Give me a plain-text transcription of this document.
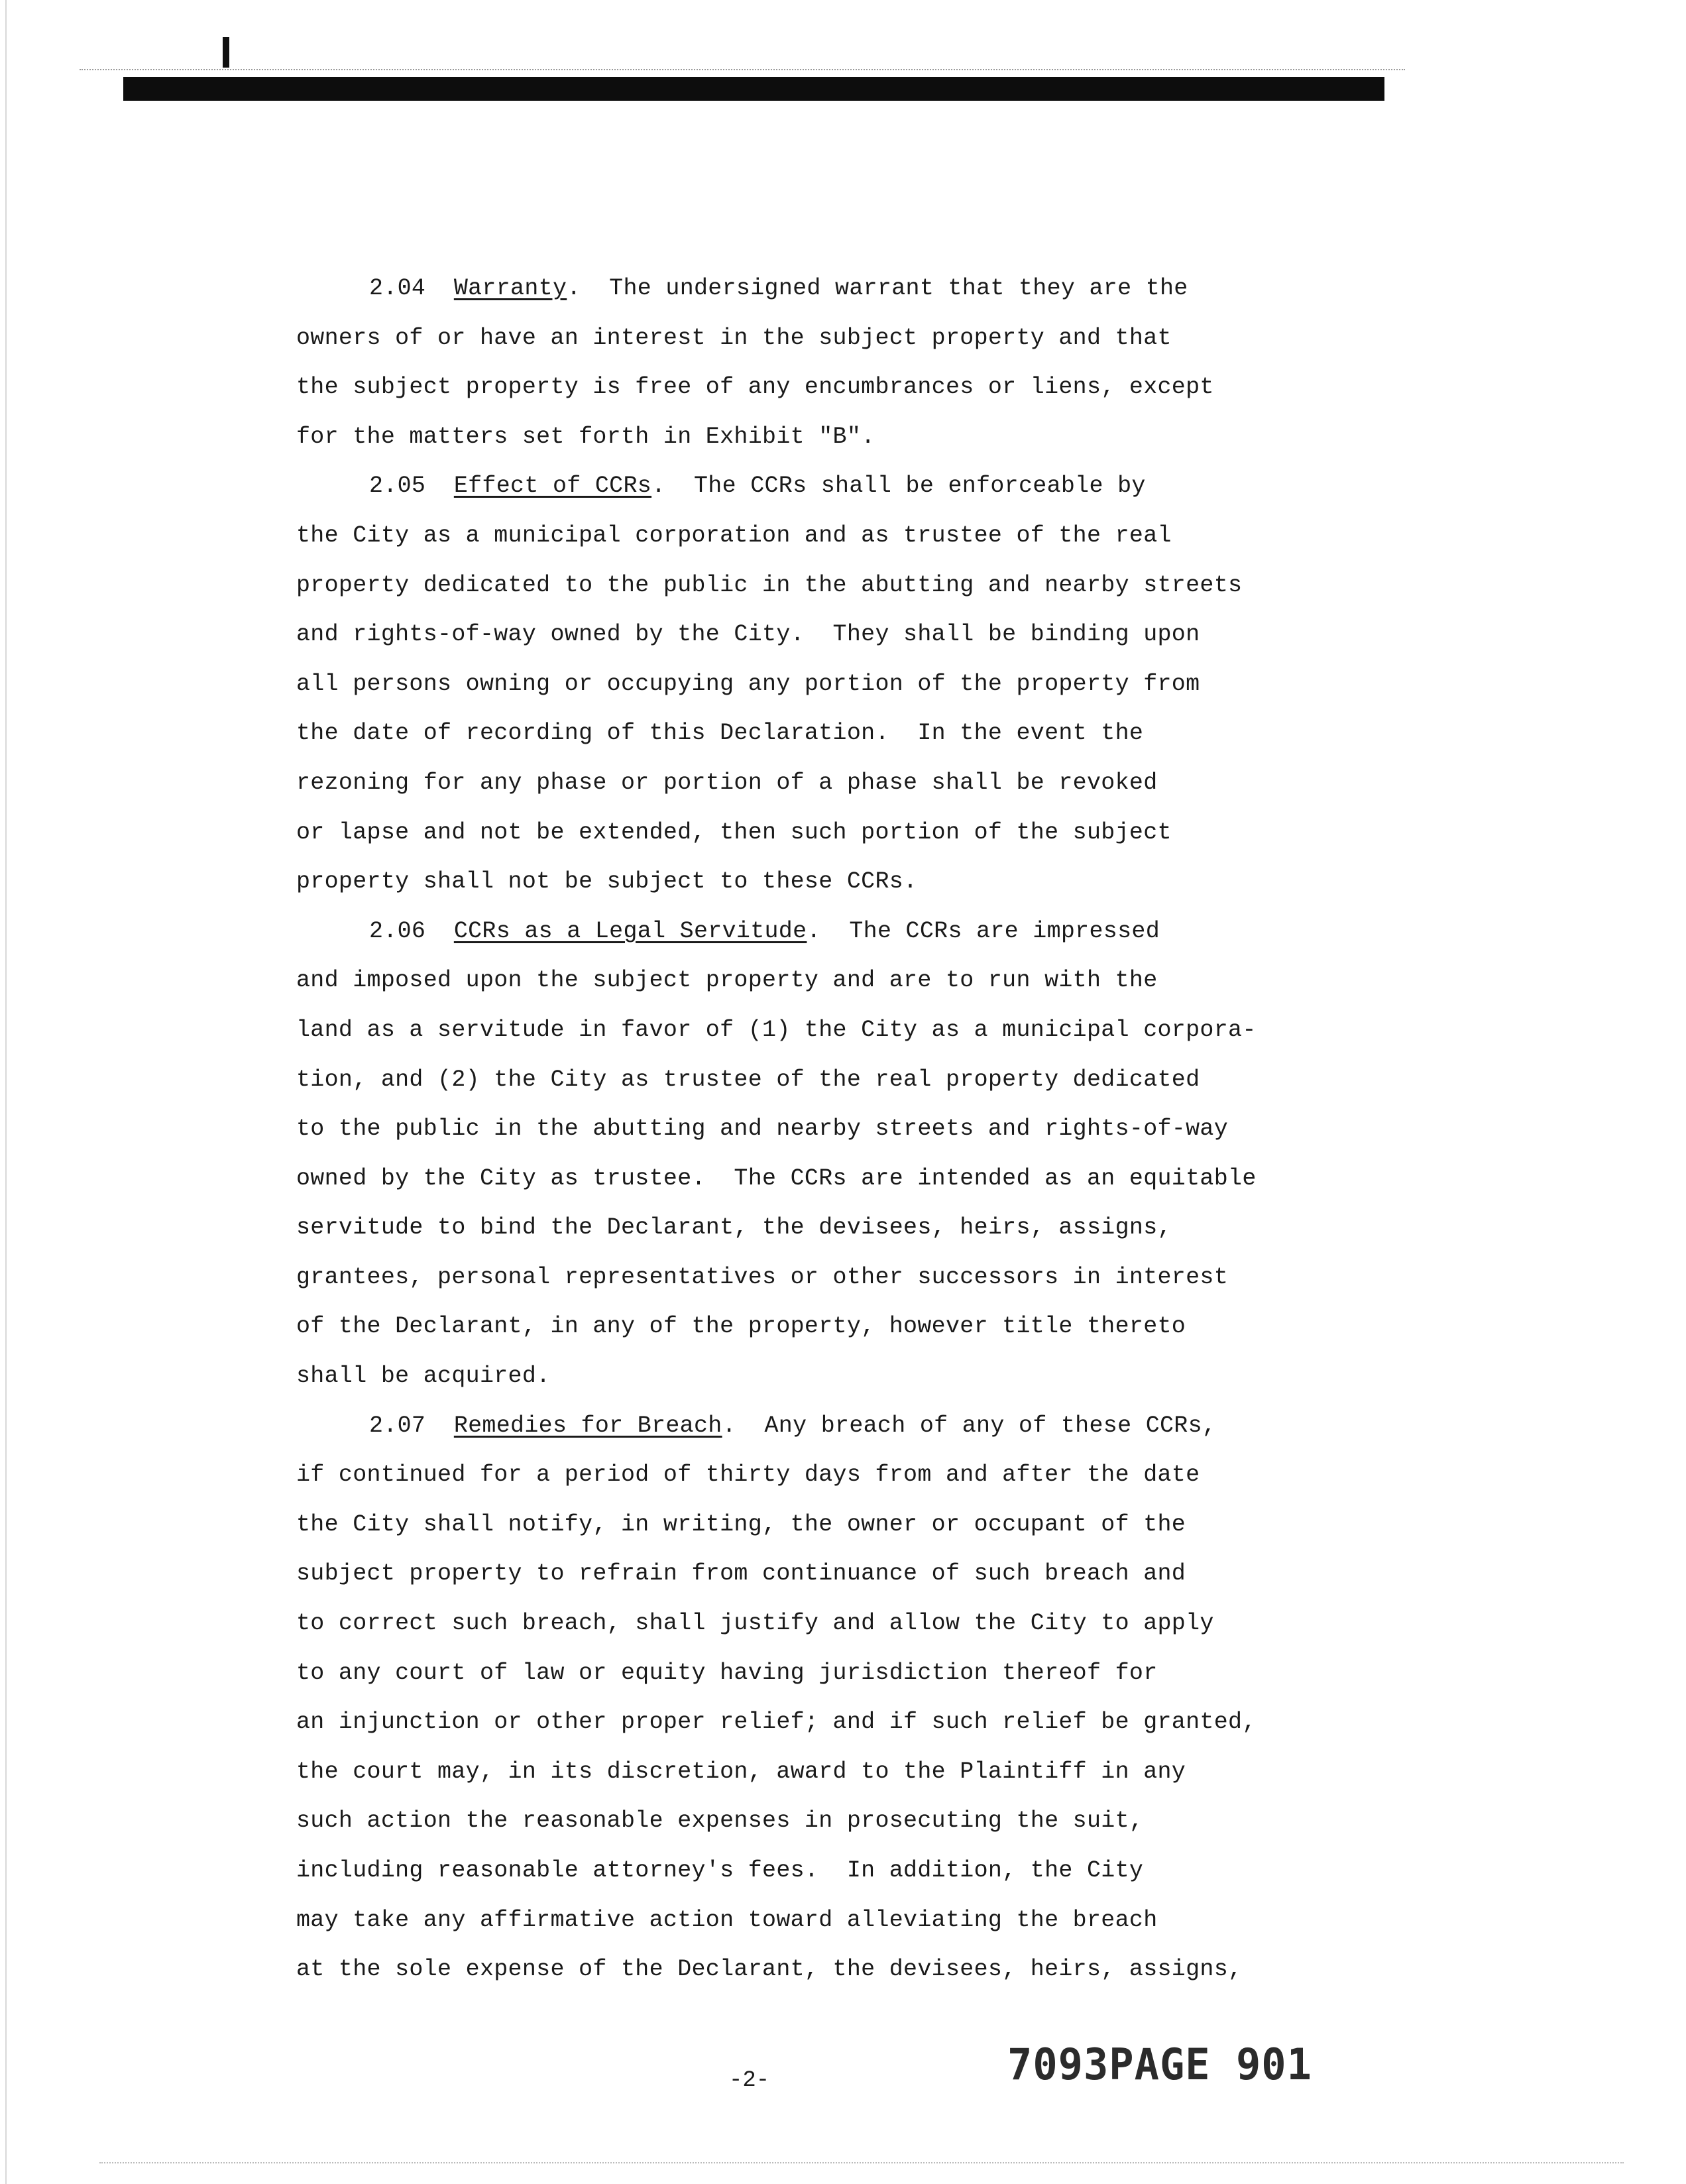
2.04 Warranty.  The undersigned warrant that they are the
owners of or have an interest in the subject property and that
the subject property is free of any encumbrances or liens, except
for the matters set forth in Exhibit "B".
2.05 Effect of CCRs.  The CCRs shall be enforceable by
the City as a municipal corporation and as trustee of the real
property dedicated to the public in the abutting and nearby streets
and rights-of-way owned by the City.  They shall be binding upon
all persons owning or occupying any portion of the property from
the date of recording of this Declaration.  In the event the
rezoning for any phase or portion of a phase shall be revoked
or lapse and not be extended, then such portion of the subject
property shall not be subject to these CCRs.
2.06 CCRs as a Legal Servitude.  The CCRs are impressed
and imposed upon the subject property and are to run with the
land as a servitude in favor of (1) the City as a municipal corpora-
tion, and (2) the City as trustee of the real property dedicated
to the public in the abutting and nearby streets and rights-of-way
owned by the City as trustee.  The CCRs are intended as an equitable
servitude to bind the Declarant, the devisees, heirs, assigns,
grantees, personal representatives or other successors in interest
of the Declarant, in any of the property, however title thereto
shall be acquired.
2.07 Remedies for Breach.  Any breach of any of these CCRs,
if continued for a period of thirty days from and after the date
the City shall notify, in writing, the owner or occupant of the
subject property to refrain from continuance of such breach and
to correct such breach, shall justify and allow the City to apply
to any court of law or equity having jurisdiction thereof for
an injunction or other proper relief; and if such relief be granted,
the court may, in its discretion, award to the Plaintiff in any
such action the reasonable expenses in prosecuting the suit,
including reasonable attorney's fees.  In addition, the City
may take any affirmative action toward alleviating the breach
at the sole expense of the Declarant, the devisees, heirs, assigns,
7093PAGE 901
-2-
